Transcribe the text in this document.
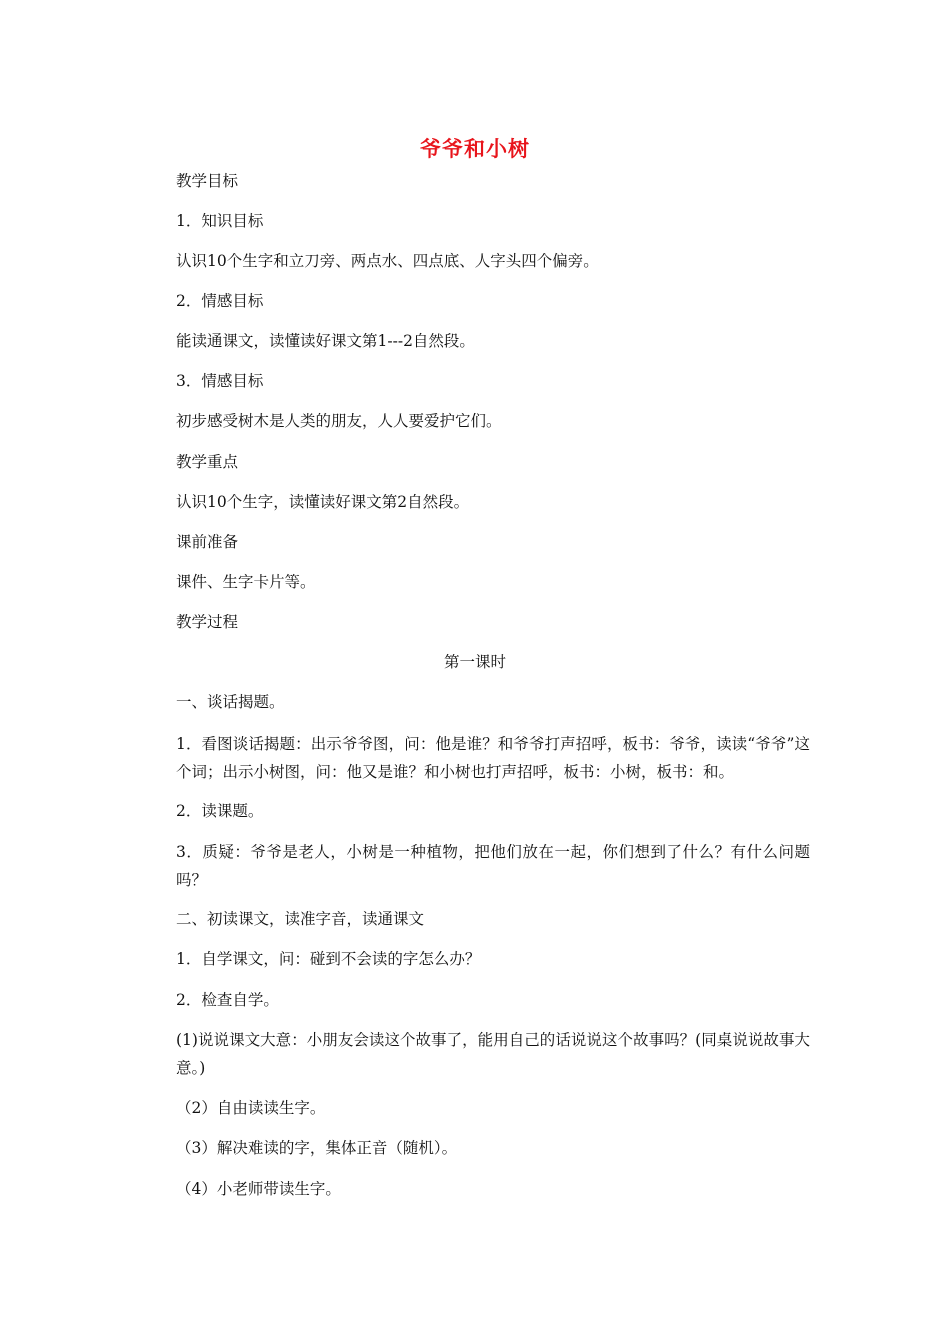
爷爷和小树
教学目标
1．知识目标
认识10个生字和立刀旁、两点水、四点底、人字头四个偏旁。
2．情感目标
能读通课文，读懂读好课文第1---2自然段。
3．情感目标
初步感受树木是人类的朋友，人人要爱护它们。
教学重点
认识10个生字，读懂读好课文第2自然段。
课前准备
课件、生字卡片等。
教学过程
第一课时
一、谈话揭题。
1．看图谈话揭题：出示爷爷图，问：他是谁？和爷爷打声招呼，板书：爷爷，读读“爷爷”这个词；出示小树图，问：他又是谁？和小树也打声招呼，板书：小树，板书：和。
2．读课题。
3．质疑：爷爷是老人，小树是一种植物，把他们放在一起，你们想到了什么？有什么问题吗？
二、初读课文，读准字音，读通课文
1．自学课文，问：碰到不会读的字怎么办？
2．检查自学。
(1)说说课文大意：小朋友会读这个故事了，能用自己的话说说这个故事吗？(同桌说说故事大意。)
（2）自由读读生字。
（3）解决难读的字，集体正音（随机）。
（4）小老师带读生字。
